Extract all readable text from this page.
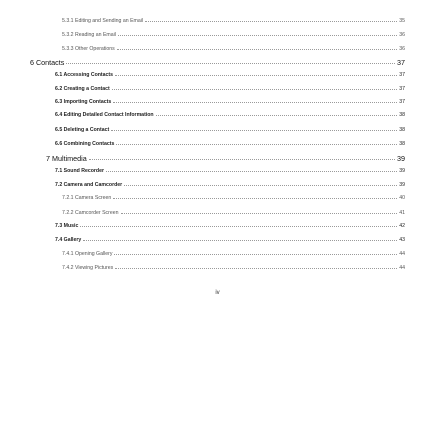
5.3.1 Editing and Sending an Email	35
5.3.2 Reading an Email	36
5.3.3 Other Operations	36
6 Contacts	37
6.1 Accessing Contacts	37
6.2 Creating a Contact	37
6.3 Importing Contacts	37
6.4 Editing Detailed Contact Information	38
6.5 Deleting a Contact	38
6.6 Combining Contacts	38
7 Multimedia	39
7.1 Sound Recorder	39
7.2 Camera and Camcorder	39
7.2.1 Camera Screen	40
7.2.2 Camcorder Screen	41
7.3 Music	42
7.4 Gallery	43
7.4.1 Opening Gallery	44
7.4.2 Viewing Pictures	44
iv
